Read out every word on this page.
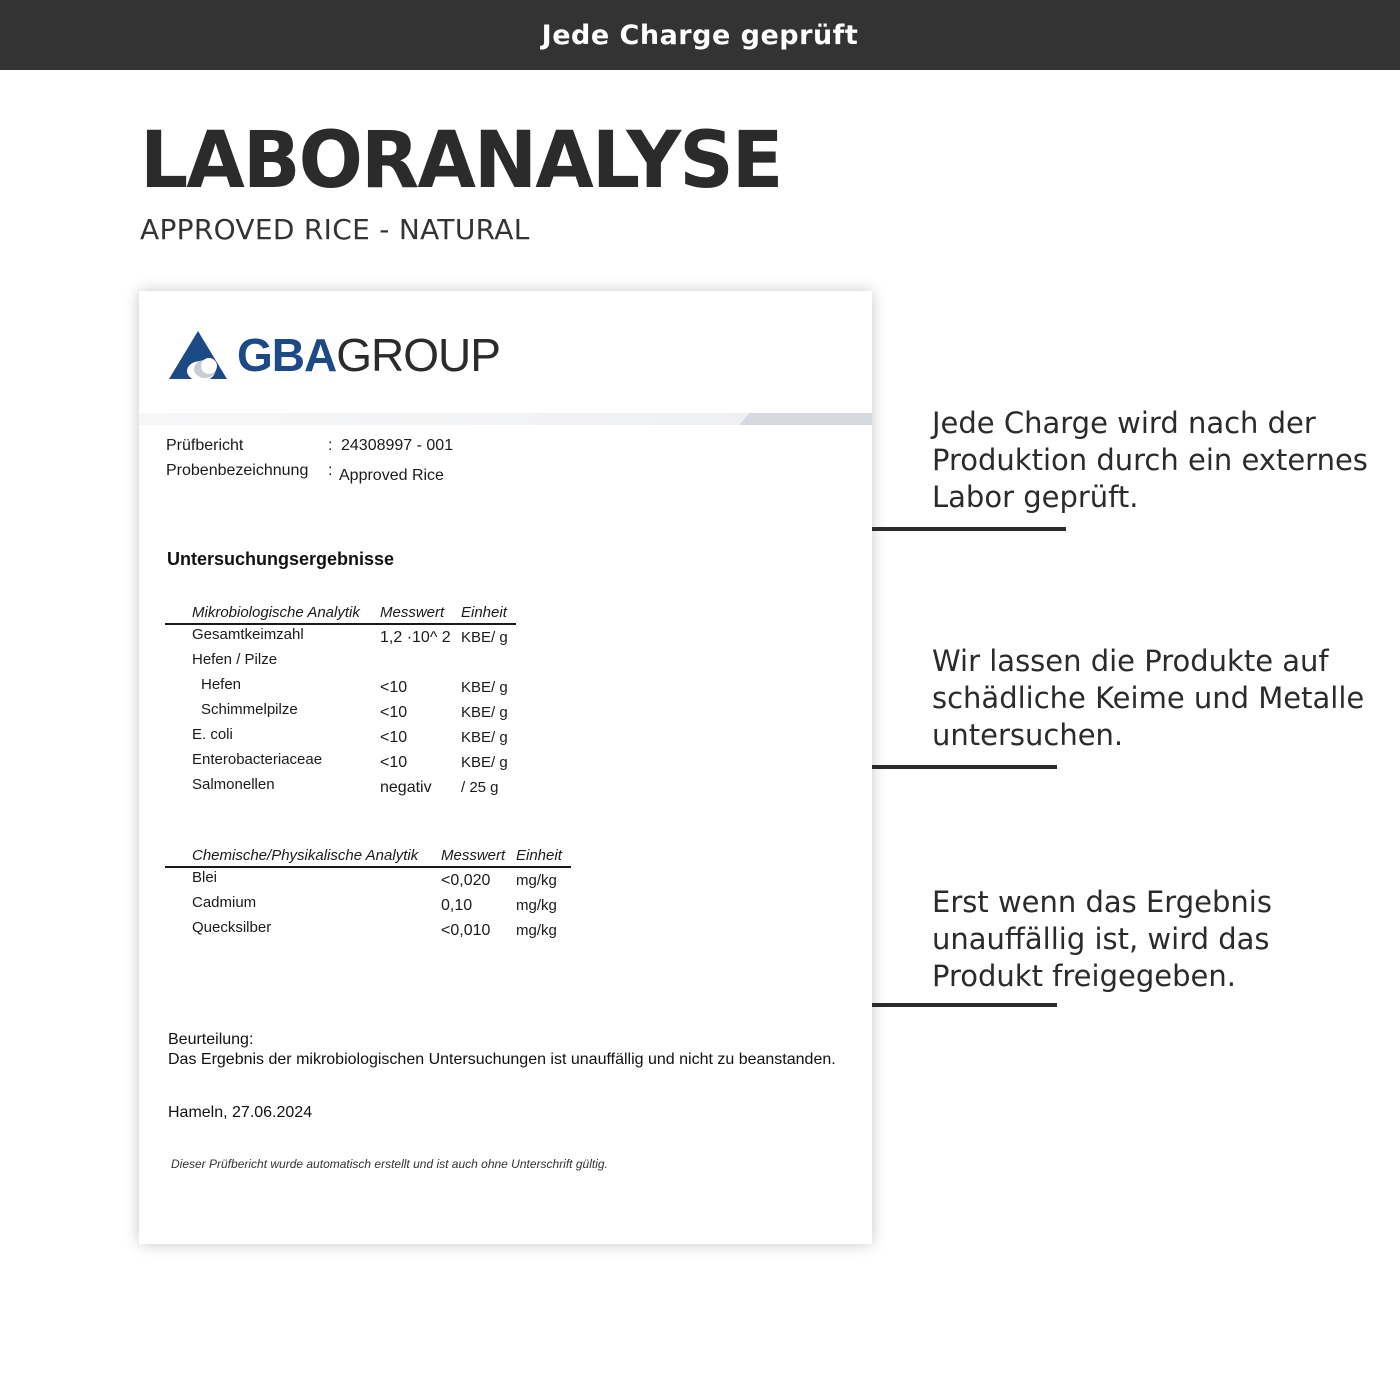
Jede Charge geprüft
LABORANALYSE
APPROVED RICE - NATURAL
GBAGROUP
Prüfbericht	: 24308997 - 001
Probenbezeichnung : Approved Rice
Untersuchungsergebnisse
Mikrobiologische Analytik Messwert Einheit
Gesamtkeimzahl	1,2 ·10^ 2 KBE/ g
Hefen / Pilze
Hefen	<10	KBE/ g
Schimmelpilze	<10	KBE/ g
E. coli	<10	KBE/ g
Enterobacteriaceae	<10	KBE/ g
Salmonellen	negativ / 25 g
Chemische/Physikalische Analytik Messwert Einheit
Blei	<0,020 mg/kg
Cadmium	0,10	mg/kg
Quecksilber	<0,010 mg/kg
Beurteilung:
Das Ergebnis der mikrobiologischen Untersuchungen ist unauffällig und nicht zu beanstanden.
Hameln, 27.06.2024
Dieser Prüfbericht wurde automatisch erstellt und ist auch ohne Unterschrift gültig.
Jede Charge wird nach der Produktion durch ein externes Labor geprüft.
Wir lassen die Produkte auf schädliche Keime und Metalle untersuchen.
Erst wenn das Ergebnis unauffällig ist, wird das Produkt freigegeben.
